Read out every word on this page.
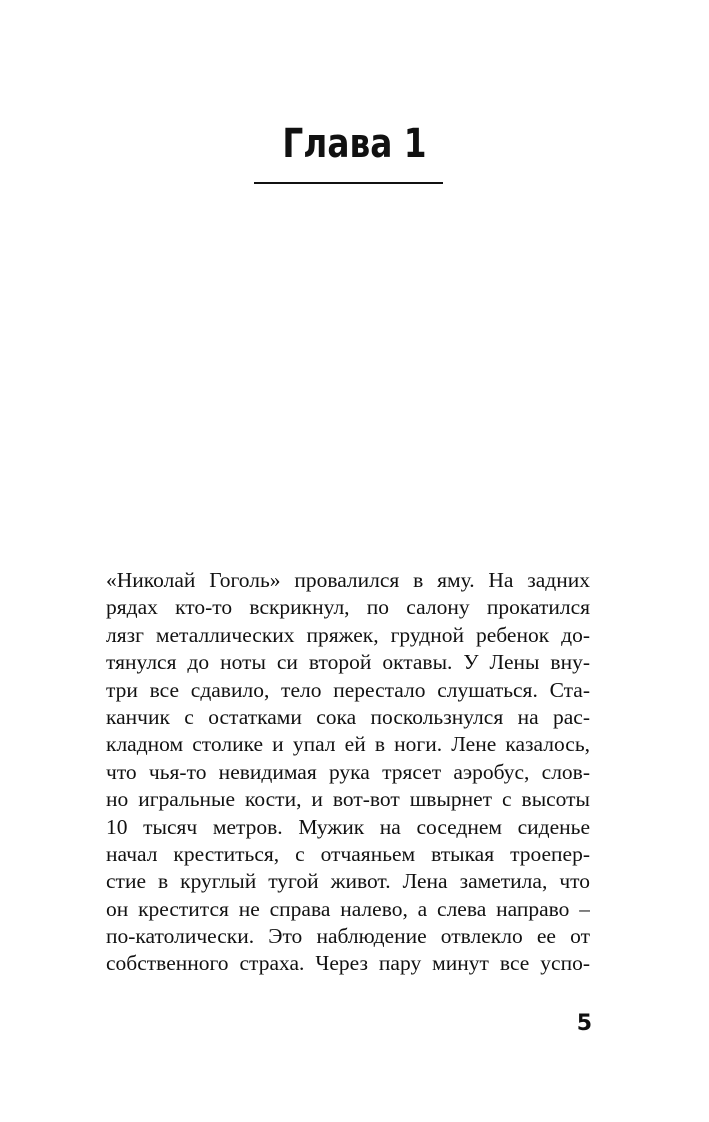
Глава 1
«Николай Гоголь» провалился в яму. На задних
рядах кто-то вскрикнул, по салону прокатился
лязг металлических пряжек, грудной ребенок до-
тянулся до ноты си второй октавы. У Лены вну-
три все сдавило, тело перестало слушаться. Ста-
канчик с остатками сока поскользнулся на рас-
кладном столике и упал ей в ноги. Лене казалось,
что чья-то невидимая рука трясет аэробус, слов-
но игральные кости, и вот-вот швырнет с высоты
10 тысяч метров. Мужик на соседнем сиденье
начал креститься, с отчаяньем втыкая троепер-
стие в круглый тугой живот. Лена заметила, что
он крестится не справа налево, а слева направо –
по-католически. Это наблюдение отвлекло ее от
собственного страха. Через пару минут все успо-
5
